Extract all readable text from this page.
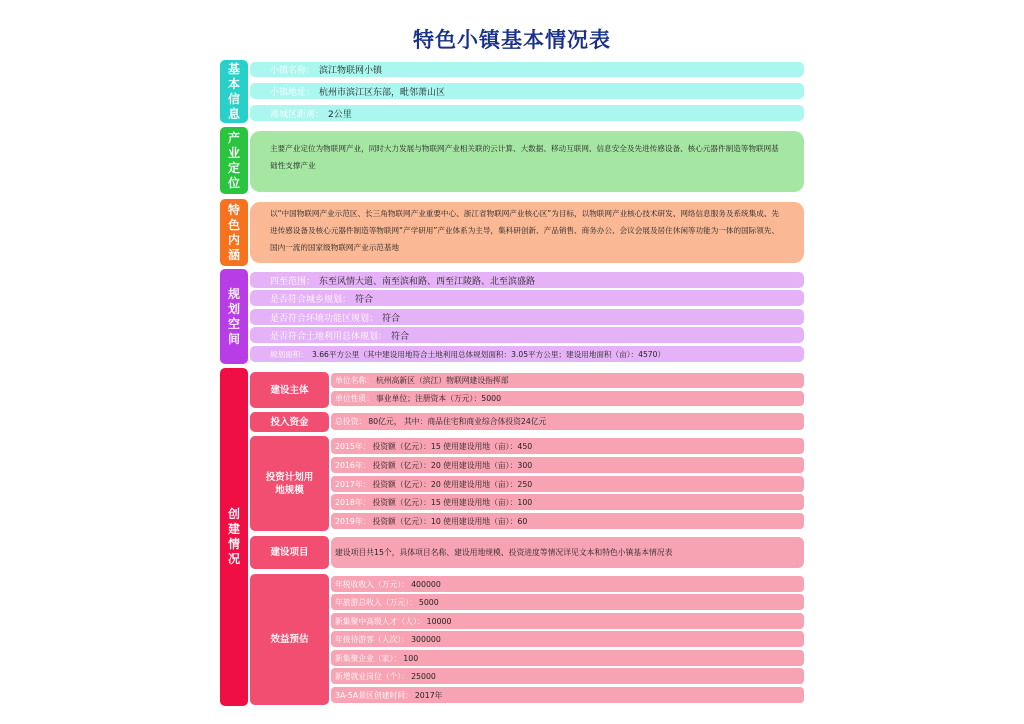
特色小镇基本情况表
基本信息
小镇名称： 滨江物联网小镇
小镇地址： 杭州市滨江区东部，毗邻萧山区
离城区距离： 2公里
产业定位
主要产业定位为物联网产业，同时大力发展与物联网产业相关联的云计算、大数据、移动互联网、信息安全及先进传感设备、核心元器件制造等物联网基础性支撑产业
特色内涵
以“中国物联网产业示范区、长三角物联网产业重要中心、浙江省物联网产业核心区”为目标，以物联网产业核心技术研发、网络信息服务及系统集成、先进传感设备及核心元器件制造等物联网“产学研用”产业体系为主导，集科研创新、产品销售、商务办公、会议会展及居住休闲等功能为一体的国际领先、国内一流的国家级物联网产业示范基地
规划空间
四至范围： 东至风情大道、南至滨和路、西至江陵路、北至滨盛路
是否符合城乡规划： 符合
是否符合环境功能区规划： 符合
是否符合土地利用总体规划： 符合
规划面积： 3.66平方公里（其中建设用地符合土地利用总体规划面积：3.05平方公里；建设用地面积（亩）：4570）
创建情况
建设主体
单位名称： 杭州高新区（滨江）物联网建设指挥部
单位性质： 事业单位；注册资本（万元）：5000
投入资金	总投资： 80亿元， 其中：商品住宅和商业综合体投资24亿元
投资计划用地规模
2015年： 投资额（亿元）：15 使用建设用地（亩）：450
2016年： 投资额（亿元）：20 使用建设用地（亩）：300
2017年： 投资额（亿元）：20 使用建设用地（亩）：250
2018年： 投资额（亿元）：15 使用建设用地（亩）：100
2019年： 投资额（亿元）：10 使用建设用地（亩）：60
建设项目	建设项目共15个，具体项目名称、建设用地规模、投资进度等情况详见文本和特色小镇基本情况表
效益预估
年税收收入（万元）： 400000
年旅游总收入（万元）： 5000
新集聚中高级人才（人）： 10000
年接待游客（人次）： 300000
新集聚企业（家）： 100
新增就业岗位（个）： 25000
3A-5A景区创建时间： 2017年
